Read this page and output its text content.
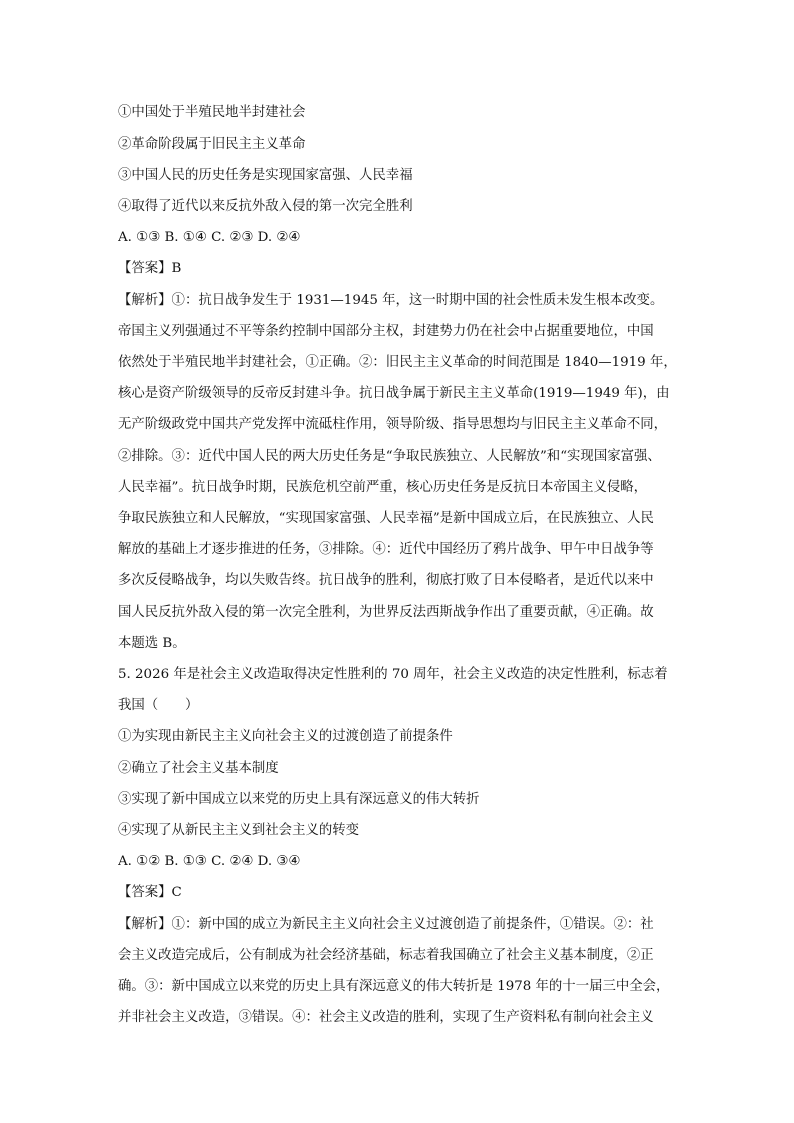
①中国处于半殖民地半封建社会
②革命阶段属于旧民主主义革命
③中国人民的历史任务是实现国家富强、人民幸福
④取得了近代以来反抗外敌入侵的第一次完全胜利
A. ①③ B. ①④ C. ②③ D. ②④
【答案】B
【解析】①：抗日战争发生于 1931—1945 年，这一时期中国的社会性质未发生根本改变。
帝国主义列强通过不平等条约控制中国部分主权，封建势力仍在社会中占据重要地位，中国
依然处于半殖民地半封建社会，①正确。②：旧民主主义革命的时间范围是 1840—1919 年，
核心是资产阶级领导的反帝反封建斗争。抗日战争属于新民主主义革命(1919—1949 年)，由
无产阶级政党中国共产党发挥中流砥柱作用，领导阶级、指导思想均与旧民主主义革命不同，
②排除。③：近代中国人民的两大历史任务是“争取民族独立、人民解放”和“实现国家富强、
人民幸福”。抗日战争时期，民族危机空前严重，核心历史任务是反抗日本帝国主义侵略，
争取民族独立和人民解放，“实现国家富强、人民幸福”是新中国成立后，在民族独立、人民
解放的基础上才逐步推进的任务，③排除。④：近代中国经历了鸦片战争、甲午中日战争等
多次反侵略战争，均以失败告终。抗日战争的胜利，彻底打败了日本侵略者，是近代以来中
国人民反抗外敌入侵的第一次完全胜利，为世界反法西斯战争作出了重要贡献，④正确。故
本题选 B。
5. 2026 年是社会主义改造取得决定性胜利的 70 周年，社会主义改造的决定性胜利，标志着
我国（　　）
①为实现由新民主主义向社会主义的过渡创造了前提条件
②确立了社会主义基本制度
③实现了新中国成立以来党的历史上具有深远意义的伟大转折
④实现了从新民主主义到社会主义的转变
A. ①② B. ①③ C. ②④ D. ③④
【答案】C
【解析】①：新中国的成立为新民主主义向社会主义过渡创造了前提条件，①错误。②：社
会主义改造完成后，公有制成为社会经济基础，标志着我国确立了社会主义基本制度，②正
确。③：新中国成立以来党的历史上具有深远意义的伟大转折是 1978 年的十一届三中全会，
并非社会主义改造，③错误。④：社会主义改造的胜利，实现了生产资料私有制向社会主义
